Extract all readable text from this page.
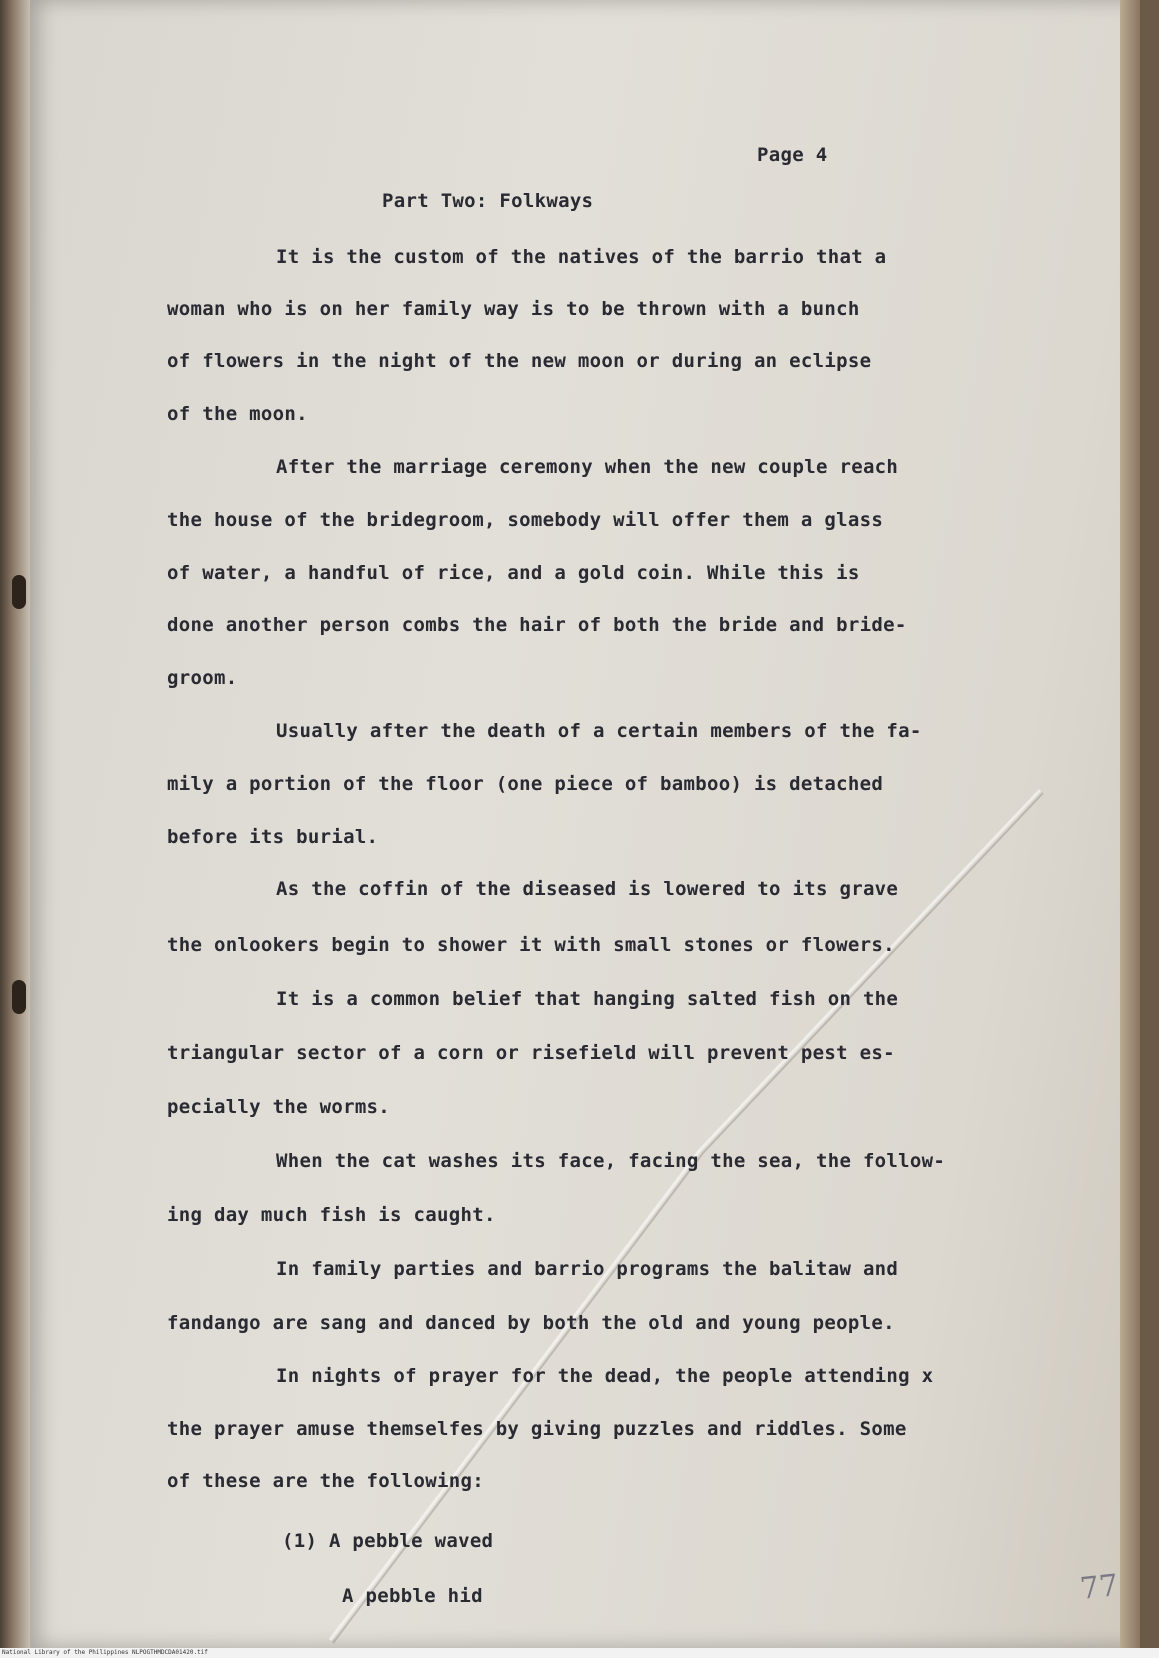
Page 4
Part Two: Folkways
It is the custom of the natives of the barrio that a
woman who is on her family way is to be thrown with a bunch
of flowers in the night of the new moon or during an eclipse
of the moon.
After the marriage ceremony when the new couple reach
the house of the bridegroom, somebody will offer them a glass
of water, a handful of rice, and a gold coin. While this is
done another person combs the hair of both the bride and bride-
groom.
Usually after the death of a certain members of the fa-
mily a portion of the floor (one piece of bamboo) is detached
before its burial.
As the coffin of the diseased is lowered to its grave
the onlookers begin to shower it with small stones or flowers.
It is a common belief that hanging salted fish on the
triangular sector of a corn or risefield will prevent pest es-
pecially the worms.
When the cat washes its face, facing the sea, the follow-
ing day much fish is caught.
In family parties and barrio programs the balitaw and
fandango are sang and danced by both the old and young people.
In nights of prayer for the dead, the people attending x
the prayer amuse themselfes by giving puzzles and riddles. Some
of these are the following:
(1) A pebble waved
A pebble hid	77
National Library of the Philippines NLPOGTHMDCDA01420.tif
